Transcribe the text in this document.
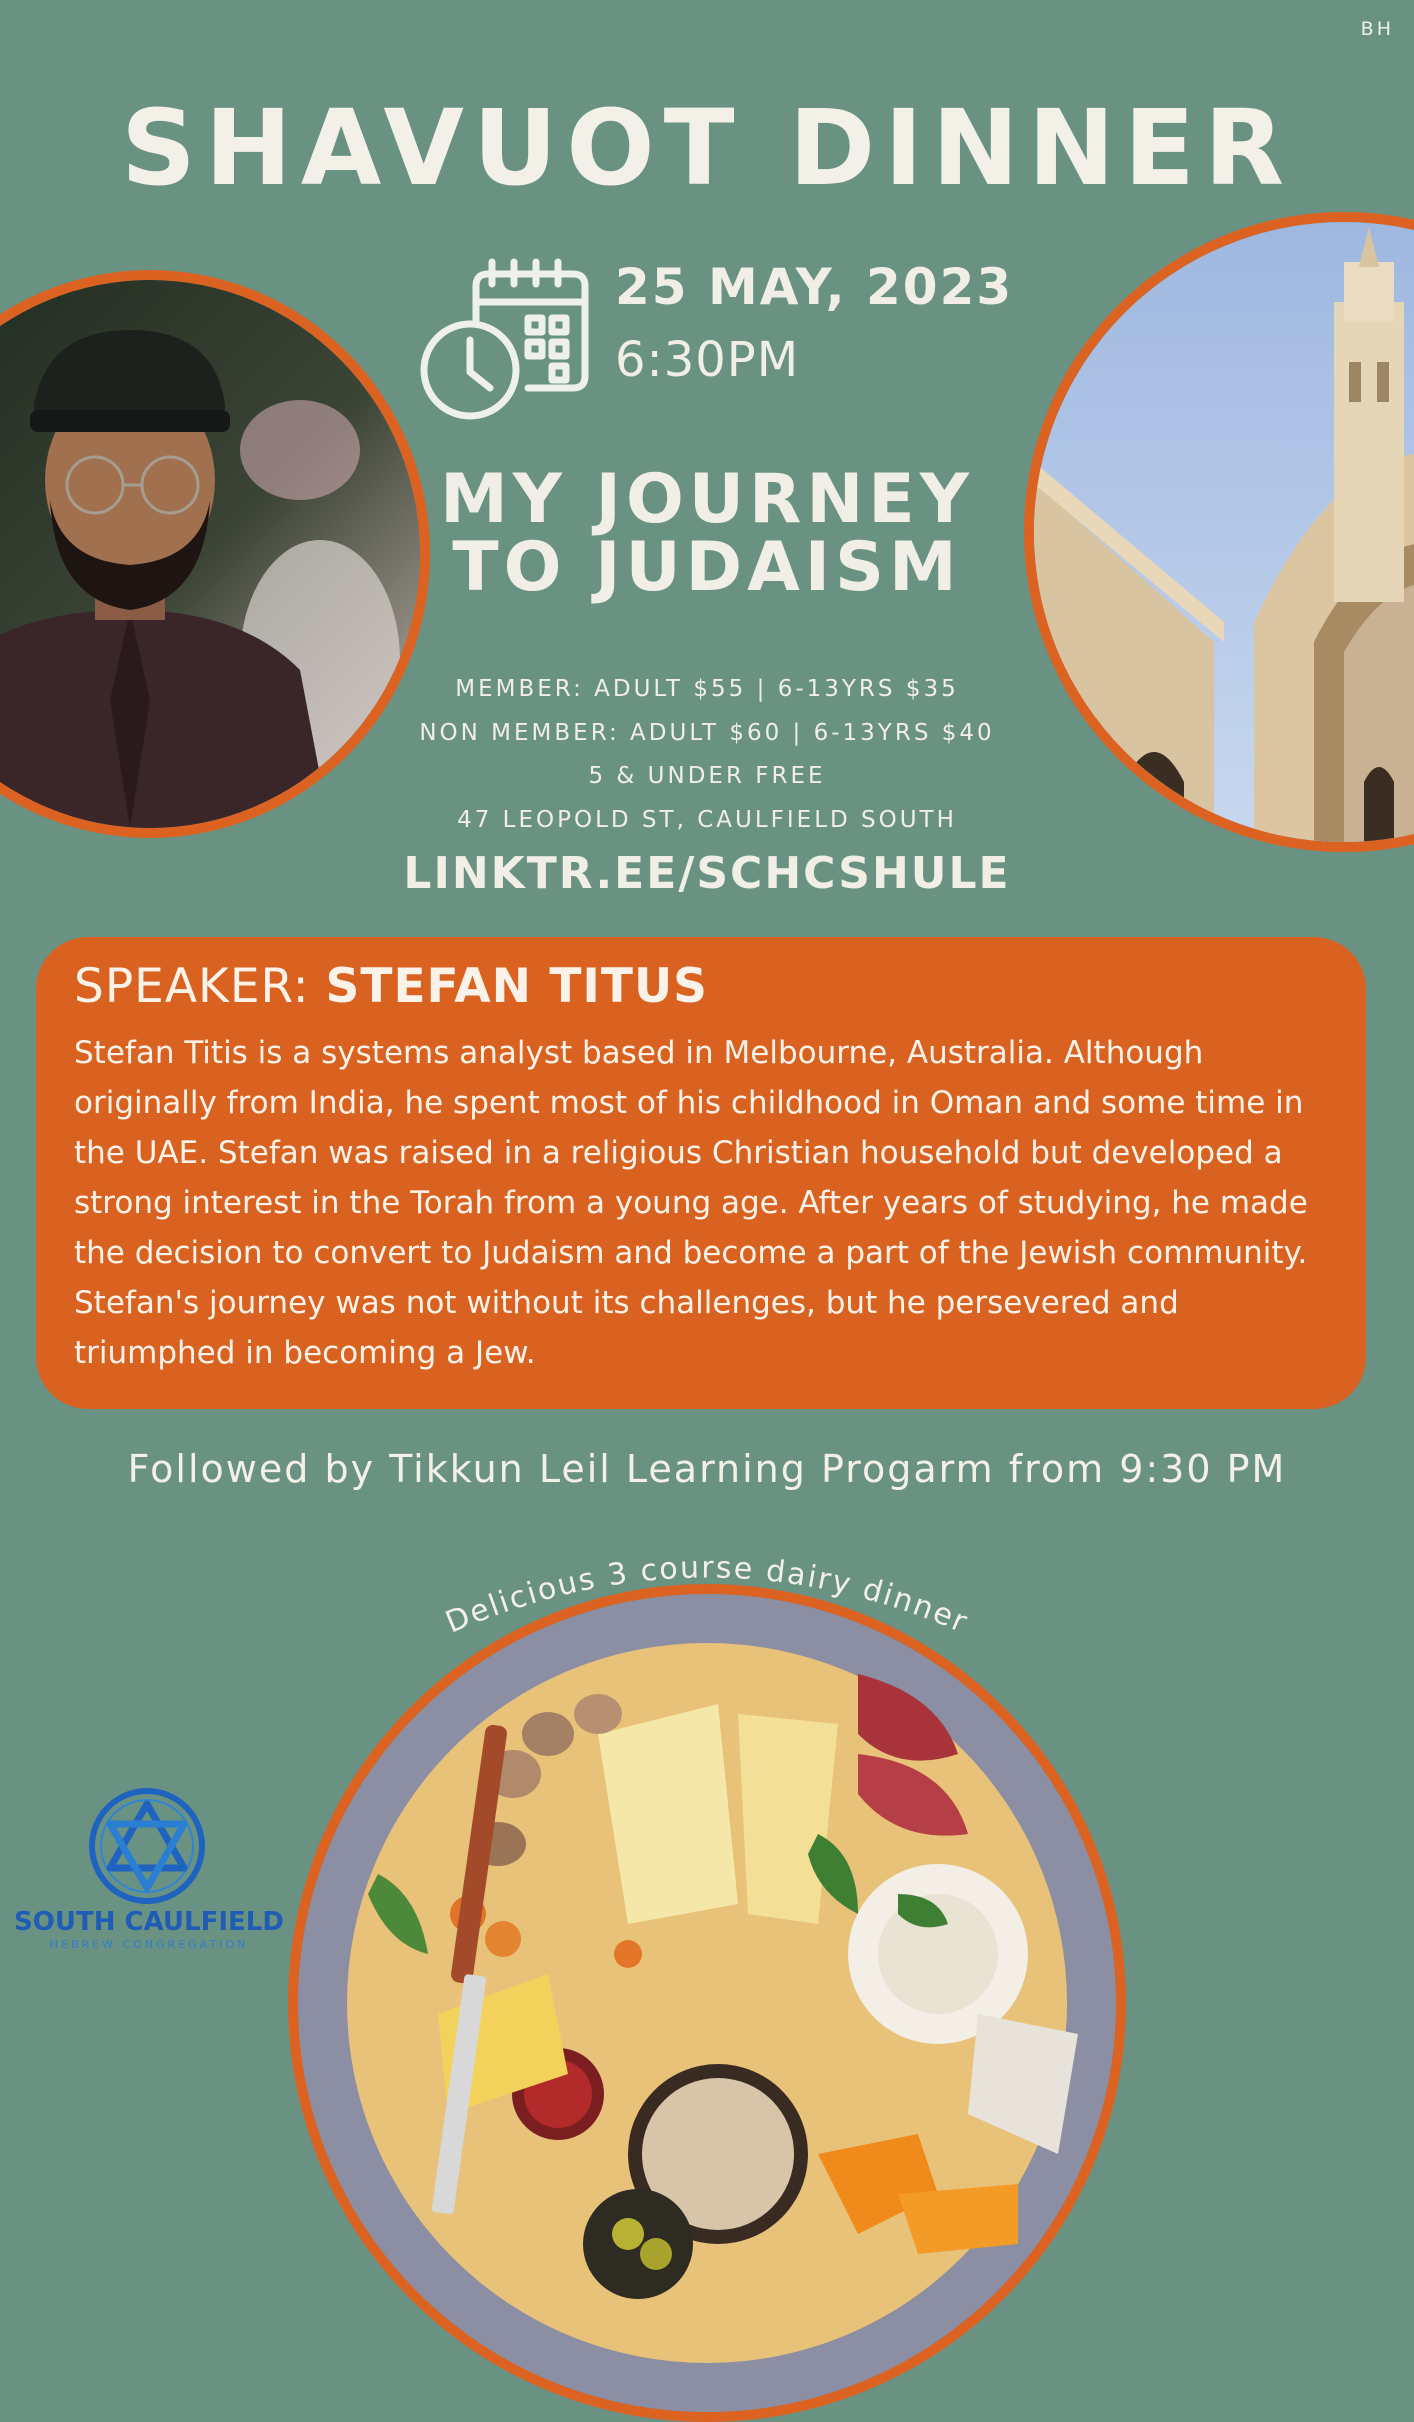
BH
SHAVUOT DINNER
25 MAY, 2023
6:30PM
MY JOURNEY
TO JUDAISM
MEMBER: ADULT $55 | 6-13YRS $35
NON MEMBER: ADULT $60 | 6-13YRS $40
5 & UNDER FREE
47 LEOPOLD ST, CAULFIELD SOUTH
LINKTR.EE/SCHCSHULE
SPEAKER: STEFAN TITUS
Stefan Titis is a systems analyst based in Melbourne, Australia. Although originally from India, he spent most of his childhood in Oman and some time in the UAE. Stefan was raised in a religious Christian household but developed a strong interest in the Torah from a young age. After years of studying, he made the decision to convert to Judaism and become a part of the Jewish community. Stefan's journey was not without its challenges, but he persevered and triumphed in becoming a Jew.
Followed by Tikkun Leil Learning Progarm from 9:30 PM
Delicious 3 course dairy dinner
SOUTH CAULFIELD
HEBREW CONGREGATION
